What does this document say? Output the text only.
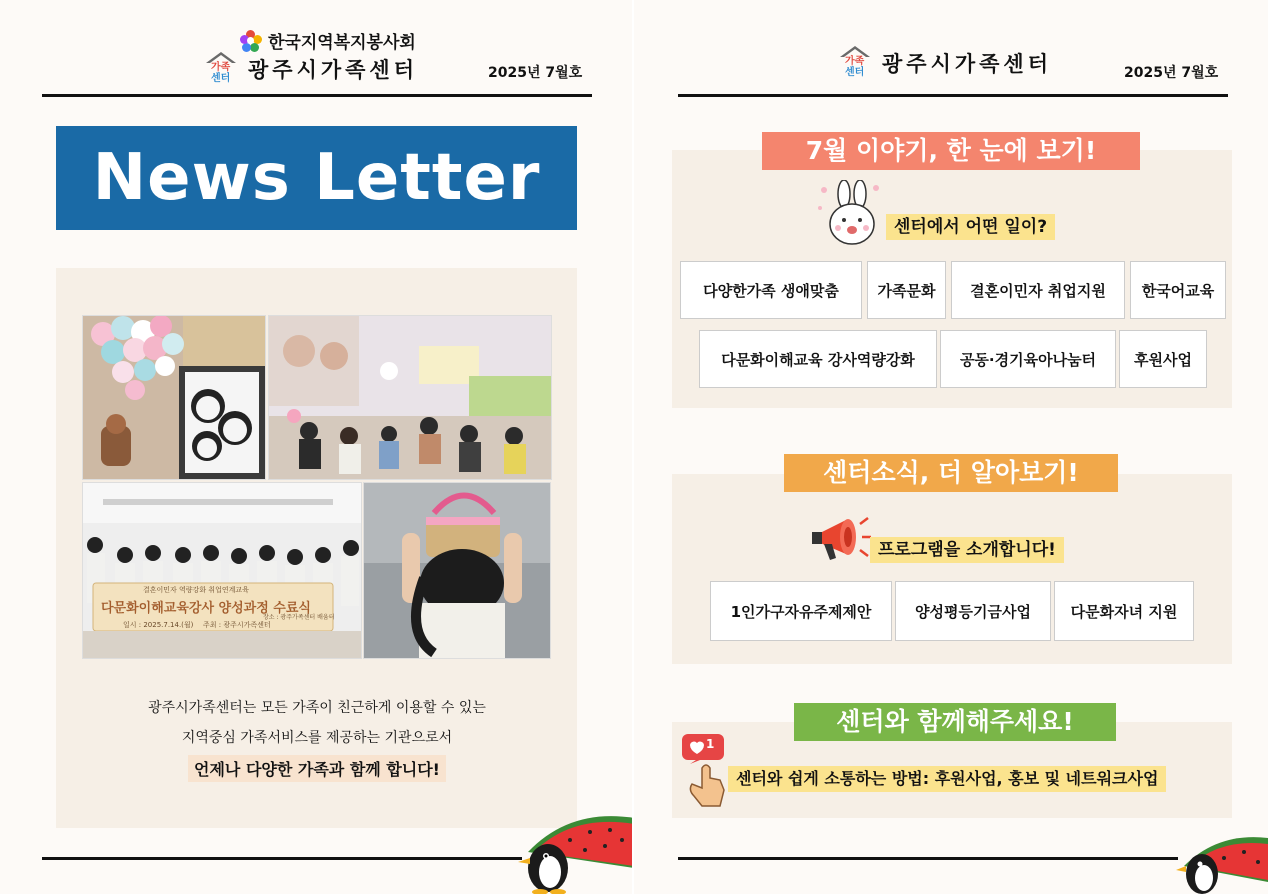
한국지역복지봉사회
가족
센터 광주시가족센터	2025년 7월호
News Letter
결혼이민자 역량강화 취업연계교육
다문화이해교육강사 양성과정 수료식
일시 : 2025.7.14.(월) 주최 : 광주시가족센터
장소 : 광주가족센터 배움터
광주시가족센터는 모든 가족이 친근하게 이용할 수 있는
지역중심 가족서비스를 제공하는 기관으로서
언제나 다양한 가족과 함께 합니다!
가족
센터 광주시가족센터	2025년 7월호
7월 이야기, 한 눈에 보기!
센터에서 어떤 일이?
다양한가족 생애맞춤	가족문화	결혼이민자 취업지원	한국어교육
다문화이해교육 강사역량강화	공동·경기육아나눔터	후원사업
센터소식, 더 알아보기!
프로그램을 소개합니다!
1인가구자유주제제안	양성평등기금사업	다문화자녀 지원
센터와 함께해주세요!
1
센터와 쉽게 소통하는 방법: 후원사업, 홍보 및 네트워크사업
